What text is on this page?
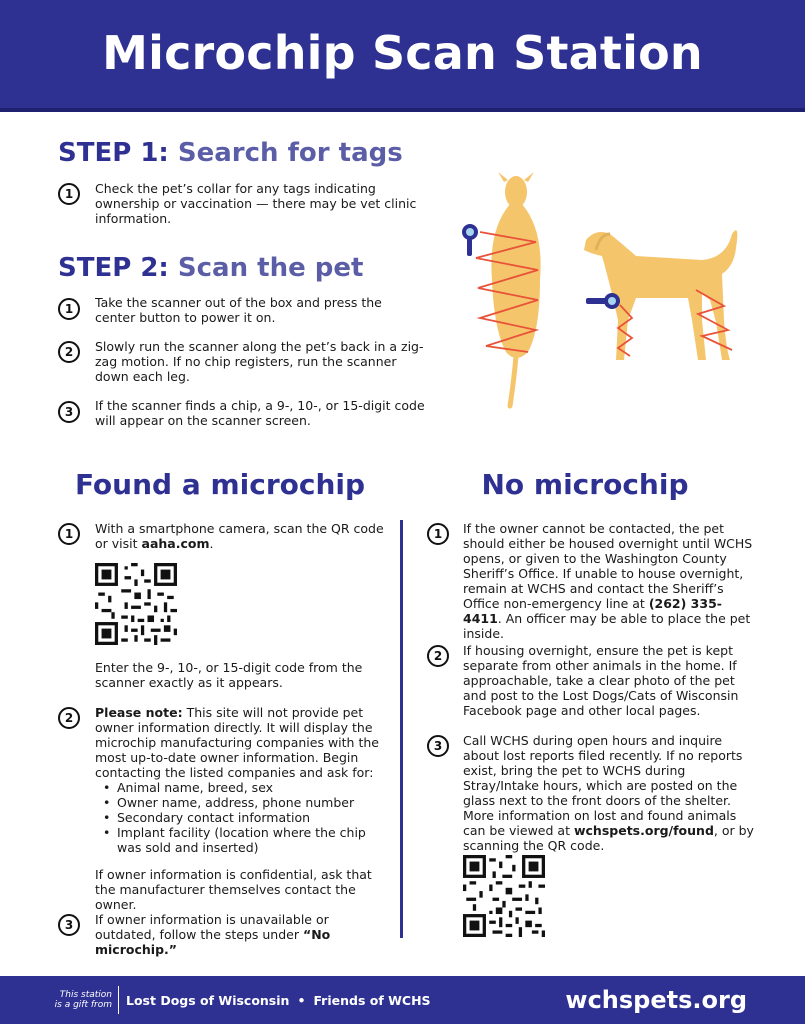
Microchip Scan Station
STEP 1: Search for tags
1	Check the pet’s collar for any tags indicating ownership or vaccination — there may be vet clinic information.
STEP 2: Scan the pet
1	Take the scanner out of the box and press the center button to power it on.
2	Slowly run the scanner along the pet’s back in a zig-zag motion. If no chip registers, run the scanner down each leg.
3	If the scanner finds a chip, a 9-, 10-, or 15-digit code will appear on the scanner screen.
Found a microchip	No microchip
1	With a smartphone camera, scan the QR code or visit aaha.com.
Enter the 9-, 10-, or 15-digit code from the scanner exactly as it appears.
2	Please note: This site will not provide pet owner information directly. It will display the microchip manufacturing companies with the most up-to-date owner information. Begin contacting the listed companies and ask for:
• Animal name, breed, sex
• Owner name, address, phone number
• Secondary contact information
• Implant facility (location where the chip was sold and inserted)
If owner information is confidential, ask that the manufacturer themselves contact the owner.
3	If owner information is unavailable or outdated, follow the steps under “No microchip.”
1	If the owner cannot be contacted, the pet should either be housed overnight until WCHS opens, or given to the Washington County Sheriff’s Office. If unable to house overnight, remain at WCHS and contact the Sheriff’s Office non-emergency line at (262) 335-4411. An officer may be able to place the pet inside.
2	If housing overnight, ensure the pet is kept separate from other animals in the home. If approachable, take a clear photo of the pet and post to the Lost Dogs/Cats of Wisconsin Facebook page and other local pages.
3	Call WCHS during open hours and inquire about lost reports filed recently. If no reports exist, bring the pet to WCHS during Stray/Intake hours, which are posted on the glass next to the front doors of the shelter. More information on lost and found animals can be viewed at wchspets.org/found, or by scanning the QR code.
This station is a gift from Lost Dogs of Wisconsin • Friends of WCHS	wchspets.org
